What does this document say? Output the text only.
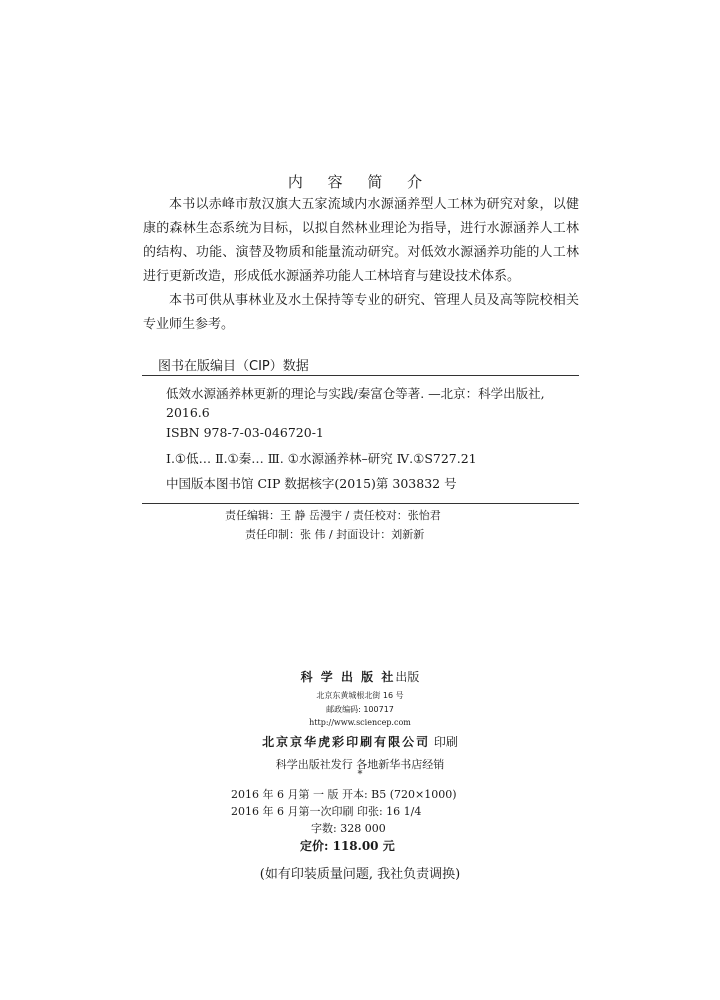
内 容 简 介

本书以赤峰市敖汉旗大五家流域内水源涵养型人工林为研究对象，以健康的森林生态系统为目标，以拟自然林业理论为指导，进行水源涵养人工林的结构、功能、演替及物质和能量流动研究。对低效水源涵养功能的人工林进行更新改造，形成低水源涵养功能人工林培育与建设技术体系。

本书可供从事林业及水土保持等专业的研究、管理人员及高等院校相关专业师生参考。

图书在版编目（CIP）数据
低效水源涵养林更新的理论与实践/秦富仓等著. —北京：科学出版社,
2016.6
ISBN 978-7-03-046720-1
Ⅰ.①低… Ⅱ.①秦… Ⅲ. ①水源涵养林–研究 Ⅳ.①S727.21
中国版本图书馆 CIP 数据核字(2015)第 303832 号
责任编辑：王 静 岳漫宇 / 责任校对：张怡君
责任印制：张 伟 / 封面设计：刘新新
科 学 出 版 社出版
北京东黄城根北街 16 号
邮政编码: 100717
http://www.sciencep.com
北京京华虎彩印刷有限公司 印刷
科学出版社发行 各地新华书店经销
*
2016 年 6 月第 一 版 开本: B5 (720×1000)
2016 年 6 月第一次印刷 印张: 16 1/4
字数: 328 000
定价: 118.00 元
(如有印装质量问题, 我社负责调换)
